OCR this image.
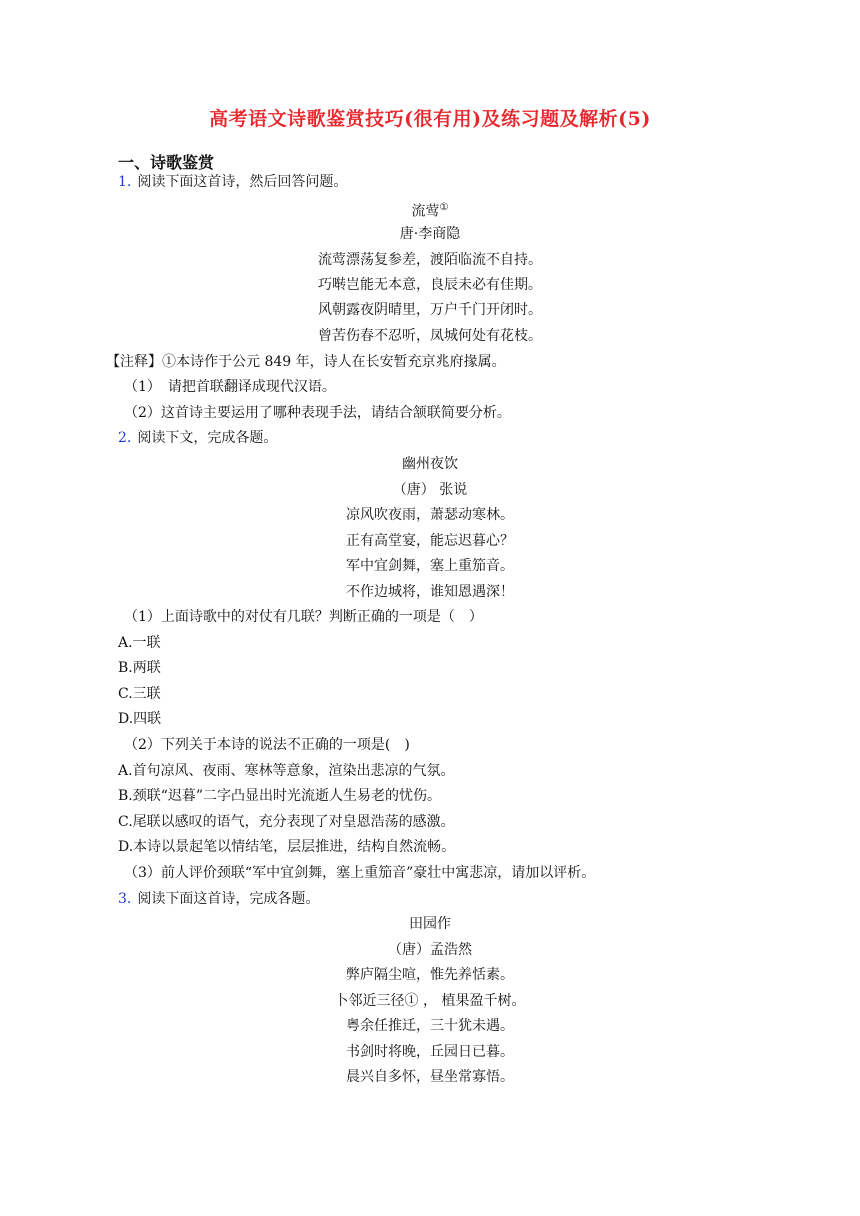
高考语文诗歌鉴赏技巧(很有用)及练习题及解析(5)
一、诗歌鉴赏
1. 阅读下面这首诗，然后回答问题。
流莺①
唐·李商隐
流莺漂荡复参差，渡陌临流不自持。
巧啭岂能无本意，良辰未必有佳期。
风朝露夜阴晴里，万户千门开闭时。
曾苦伤春不忍听，凤城何处有花枝。
【注释】①本诗作于公元 849 年，诗人在长安暂充京兆府掾属。
（1）　请把首联翻译成现代汉语。
（2）这首诗主要运用了哪种表现手法，请结合颔联简要分析。
2. 阅读下文，完成各题。
幽州夜饮
（唐） 张说
凉风吹夜雨，萧瑟动寒林。
正有高堂宴，能忘迟暮心？
军中宜剑舞，塞上重笳音。
不作边城将，谁知恩遇深！
（1）上面诗歌中的对仗有几联？判断正确的一项是（　）
A.一联
B.两联
C.三联
D.四联
（2）下列关于本诗的说法不正确的一项是(　)
A.首句凉风、夜雨、寒林等意象，渲染出悲凉的气氛。
B.颈联“迟暮”二字凸显出时光流逝人生易老的忧伤。
C.尾联以感叹的语气，充分表现了对皇恩浩荡的感激。
D.本诗以景起笔以情结笔，层层推进，结构自然流畅。
（3）前人评价颈联“军中宜剑舞，塞上重笳音”豪壮中寓悲凉，请加以评析。
3. 阅读下面这首诗，完成各题。
田园作
（唐）孟浩然
弊庐隔尘喧，惟先养恬素。
卜邻近三径① ， 植果盈千树。
粤余任推迁，三十犹未遇。
书剑时将晚，丘园日已暮。
晨兴自多怀，昼坐常寡悟。
